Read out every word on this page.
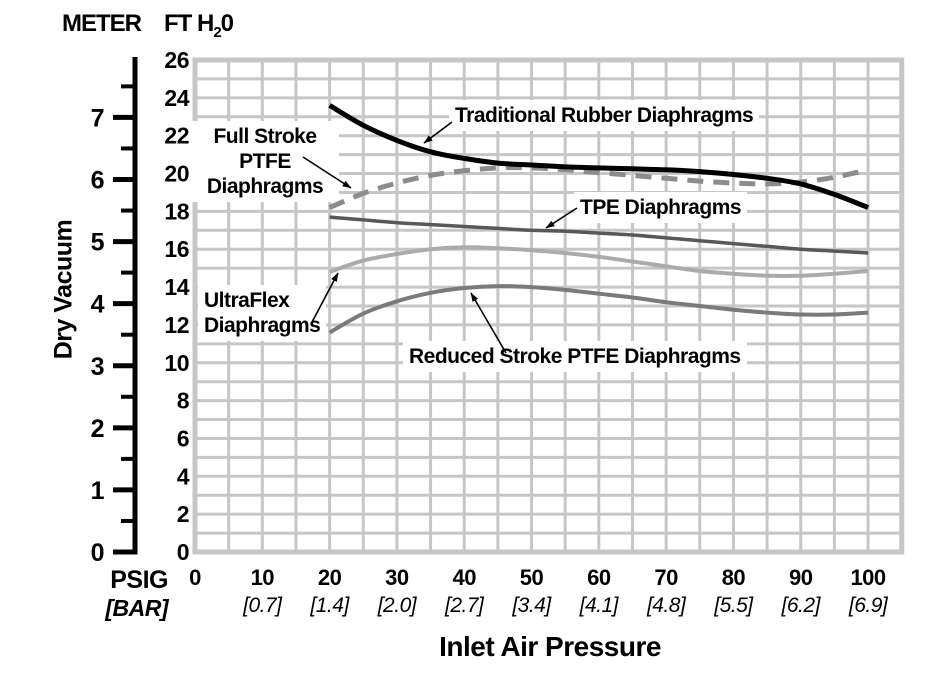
0
1
2
3
4
5
6
7
0
2
4
6
8
10
12
14
16
18
20
22
24
26
0 10
[0.7]
20
[1.4]
30
[2.0]
40
[2.7]
50
[3.4]
60
[4.1]
70
[4.8]
80
[5.5]
90
[6.2]
100
[6.9]
METER FT $H_20$
Dry Vacuum
PSIG
[BAR]
Inlet Air Pressure
Traditional Rubber Diaphragms
Full Stroke
PTFE
Diaphragms
TPE Diaphragms
UltraFlex
Diaphragms
Reduced Stroke PTFE Diaphragms
